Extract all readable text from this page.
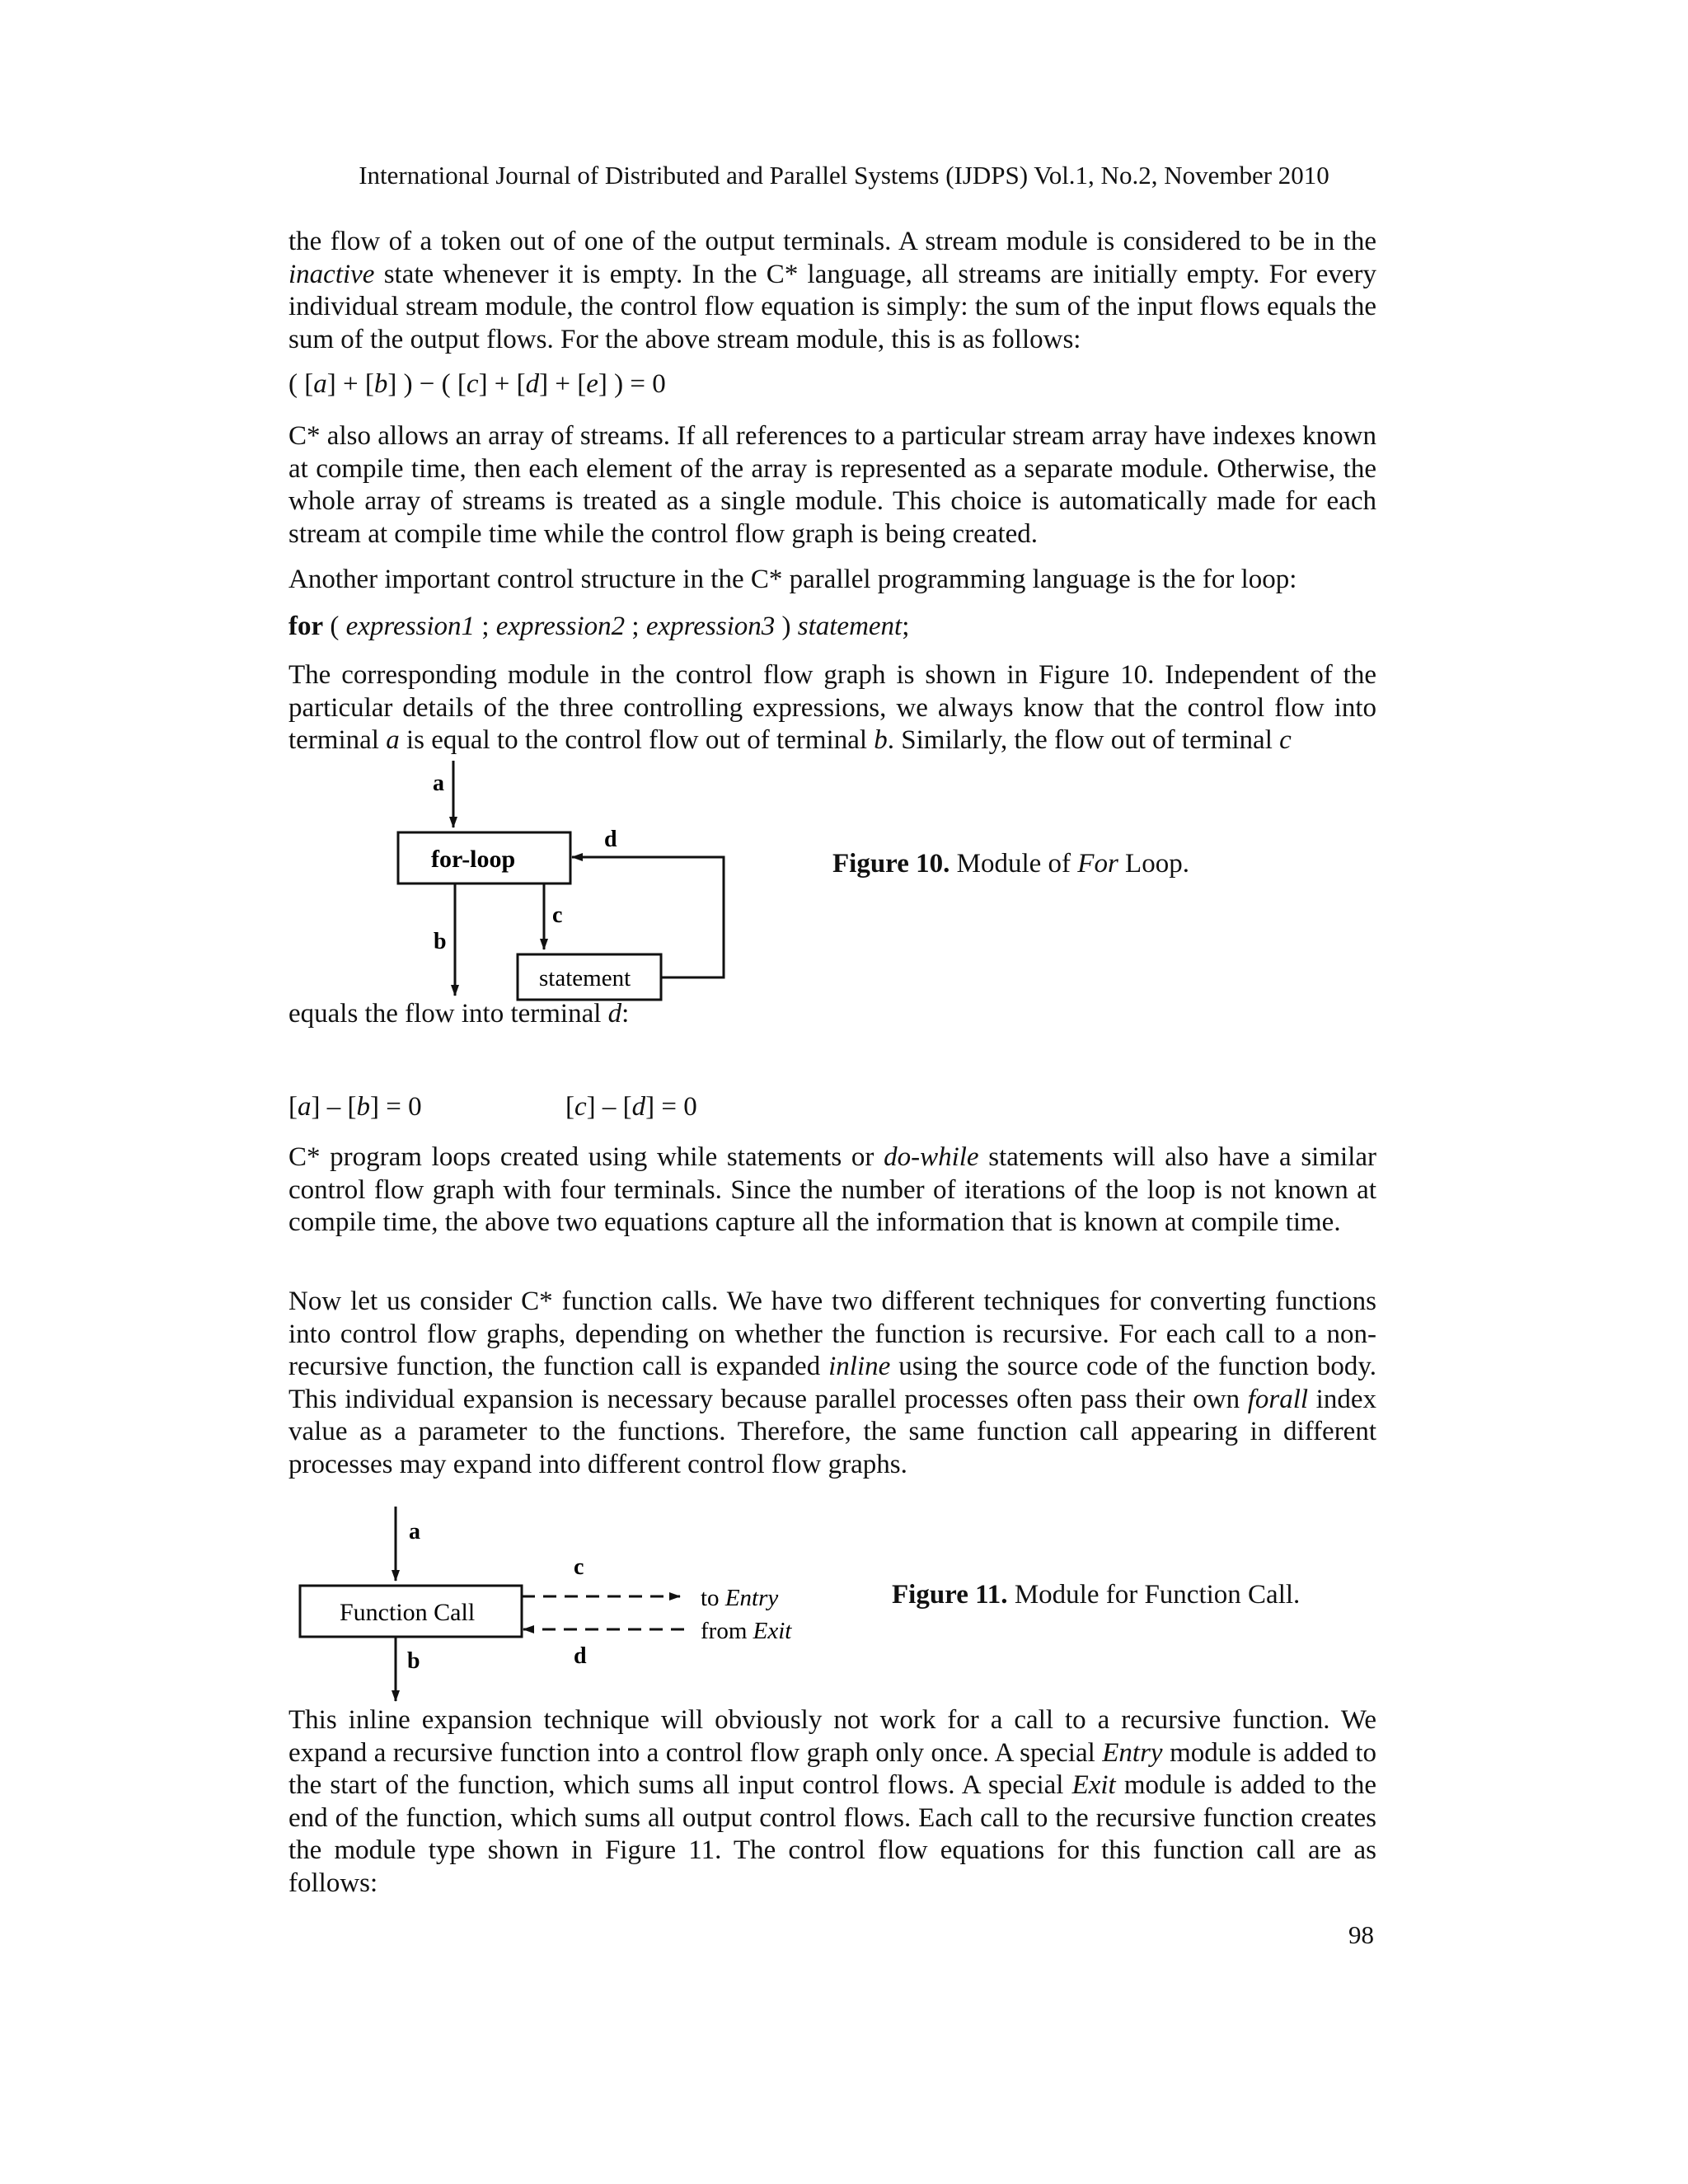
International Journal of Distributed and Parallel Systems (IJDPS) Vol.1, No.2, November 2010

the flow of a token out of one of the output terminals. A stream module is considered to be in the inactive state whenever it is empty. In the C* language, all streams are initially empty. For every individual stream module, the control flow equation is simply: the sum of the input flows equals the sum of the output flows. For the above stream module, this is as follows:

( [a] + [b] ) − ( [c] + [d] + [e] ) = 0

C* also allows an array of streams. If all references to a particular stream array have indexes known at compile time, then each element of the array is represented as a separate module. Otherwise, the whole array of streams is treated as a single module. This choice is automatically made for each stream at compile time while the control flow graph is being created.

Another important control structure in the C* parallel programming language is the for loop:

for ( expression1 ; expression2 ; expression3 ) statement;

The corresponding module in the control flow graph is shown in Figure 10. Independent of the particular details of the three controlling expressions, we always know that the control flow into terminal a is equal to the control flow out of terminal b. Similarly, the flow out of terminal c

a
for-loop
b
c
statement
d
Figure 10. Module of For Loop.

equals the flow into terminal d:

[a] – [b] = 0	[c] – [d] = 0

C* program loops created using while statements or do-while statements will also have a similar control flow graph with four terminals. Since the number of iterations of the loop is not known at compile time, the above two equations capture all the information that is known at compile time.

Now let us consider C* function calls. We have two different techniques for converting functions into control flow graphs, depending on whether the function is recursive. For each call to a non-recursive function, the function call is expanded inline using the source code of the function body. This individual expansion is necessary because parallel processes often pass their own forall index value as a parameter to the functions. Therefore, the same function call appearing in different processes may expand into different control flow graphs.

a
Function Call
b
c
to Entry
d
from Exit
Figure 11. Module for Function Call.

This inline expansion technique will obviously not work for a call to a recursive function. We expand a recursive function into a control flow graph only once. A special Entry module is added to the start of the function, which sums all input control flows. A special Exit module is added to the end of the function, which sums all output control flows. Each call to the recursive function creates the module type shown in Figure 11. The control flow equations for this function call are as follows:

98
